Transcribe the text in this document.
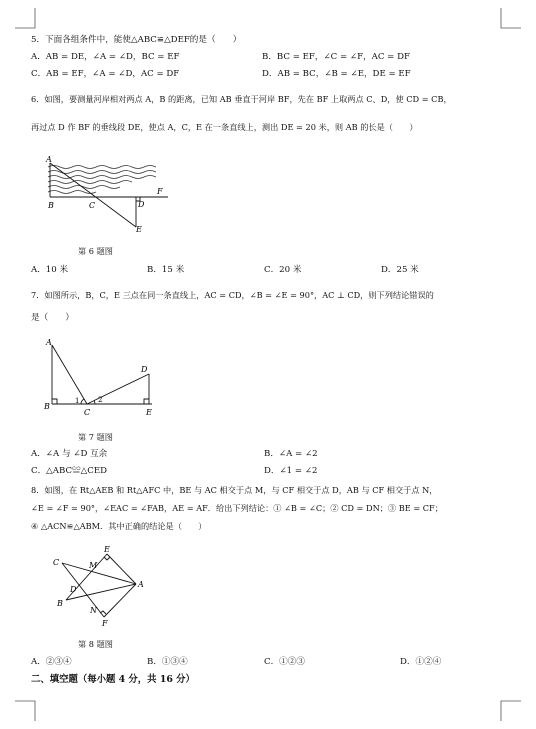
5．下面各组条件中，能使△ABC≌△DEF的是（　　）
A．AB = DE，∠A = ∠D，BC = EF	B．BC = EF，∠C = ∠F，AC = DF
C．AB = EF，∠A = ∠D，AC = DF	D．AB = BC，∠B = ∠E，DE = EF
6．如图，要测量河岸相对两点 A，B 的距离，已知 AB 垂直于河岸 BF，先在 BF 上取两点 C、D，使 CD = CB，
再过点 D 作 BF 的垂线段 DE，使点 A，C，E 在一条直线上，测出 DE = 20 米，则 AB 的长是（　　）
A
B	C	D
E
F
第 6 题图
A．10 米	B．15 米	C．20 米	D．25 米
7．如图所示，B，C，E 三点在同一条直线上，AC = CD，∠B = ∠E = 90°，AC ⊥ CD，则下列结论错误的
是（　　）
A
B
C
D
E
1	2
第 7 题图
A．∠A 与 ∠D 互余	B．∠A = ∠2
C．△ABC≌△CED	D．∠1 = ∠2
8．如图，在 Rt△AEB 和 Rt△AFC 中，BE 与 AC 相交于点 M，与 CF 相交于点 D，AB 与 CF 相交于点 N，
∠E = ∠F = 90°，∠EAC = ∠FAB，AE = AF．给出下列结论：① ∠B = ∠C；② CD = DN；③ BE = CF；
④ △ACN≌△ABM．其中正确的结论是（　　）
C
E
M
A
D
B
N
F
第 8 题图
A．②③④	B．①③④	C．①②③	D．①②④
二、填空题（每小题 4 分，共 16 分）
